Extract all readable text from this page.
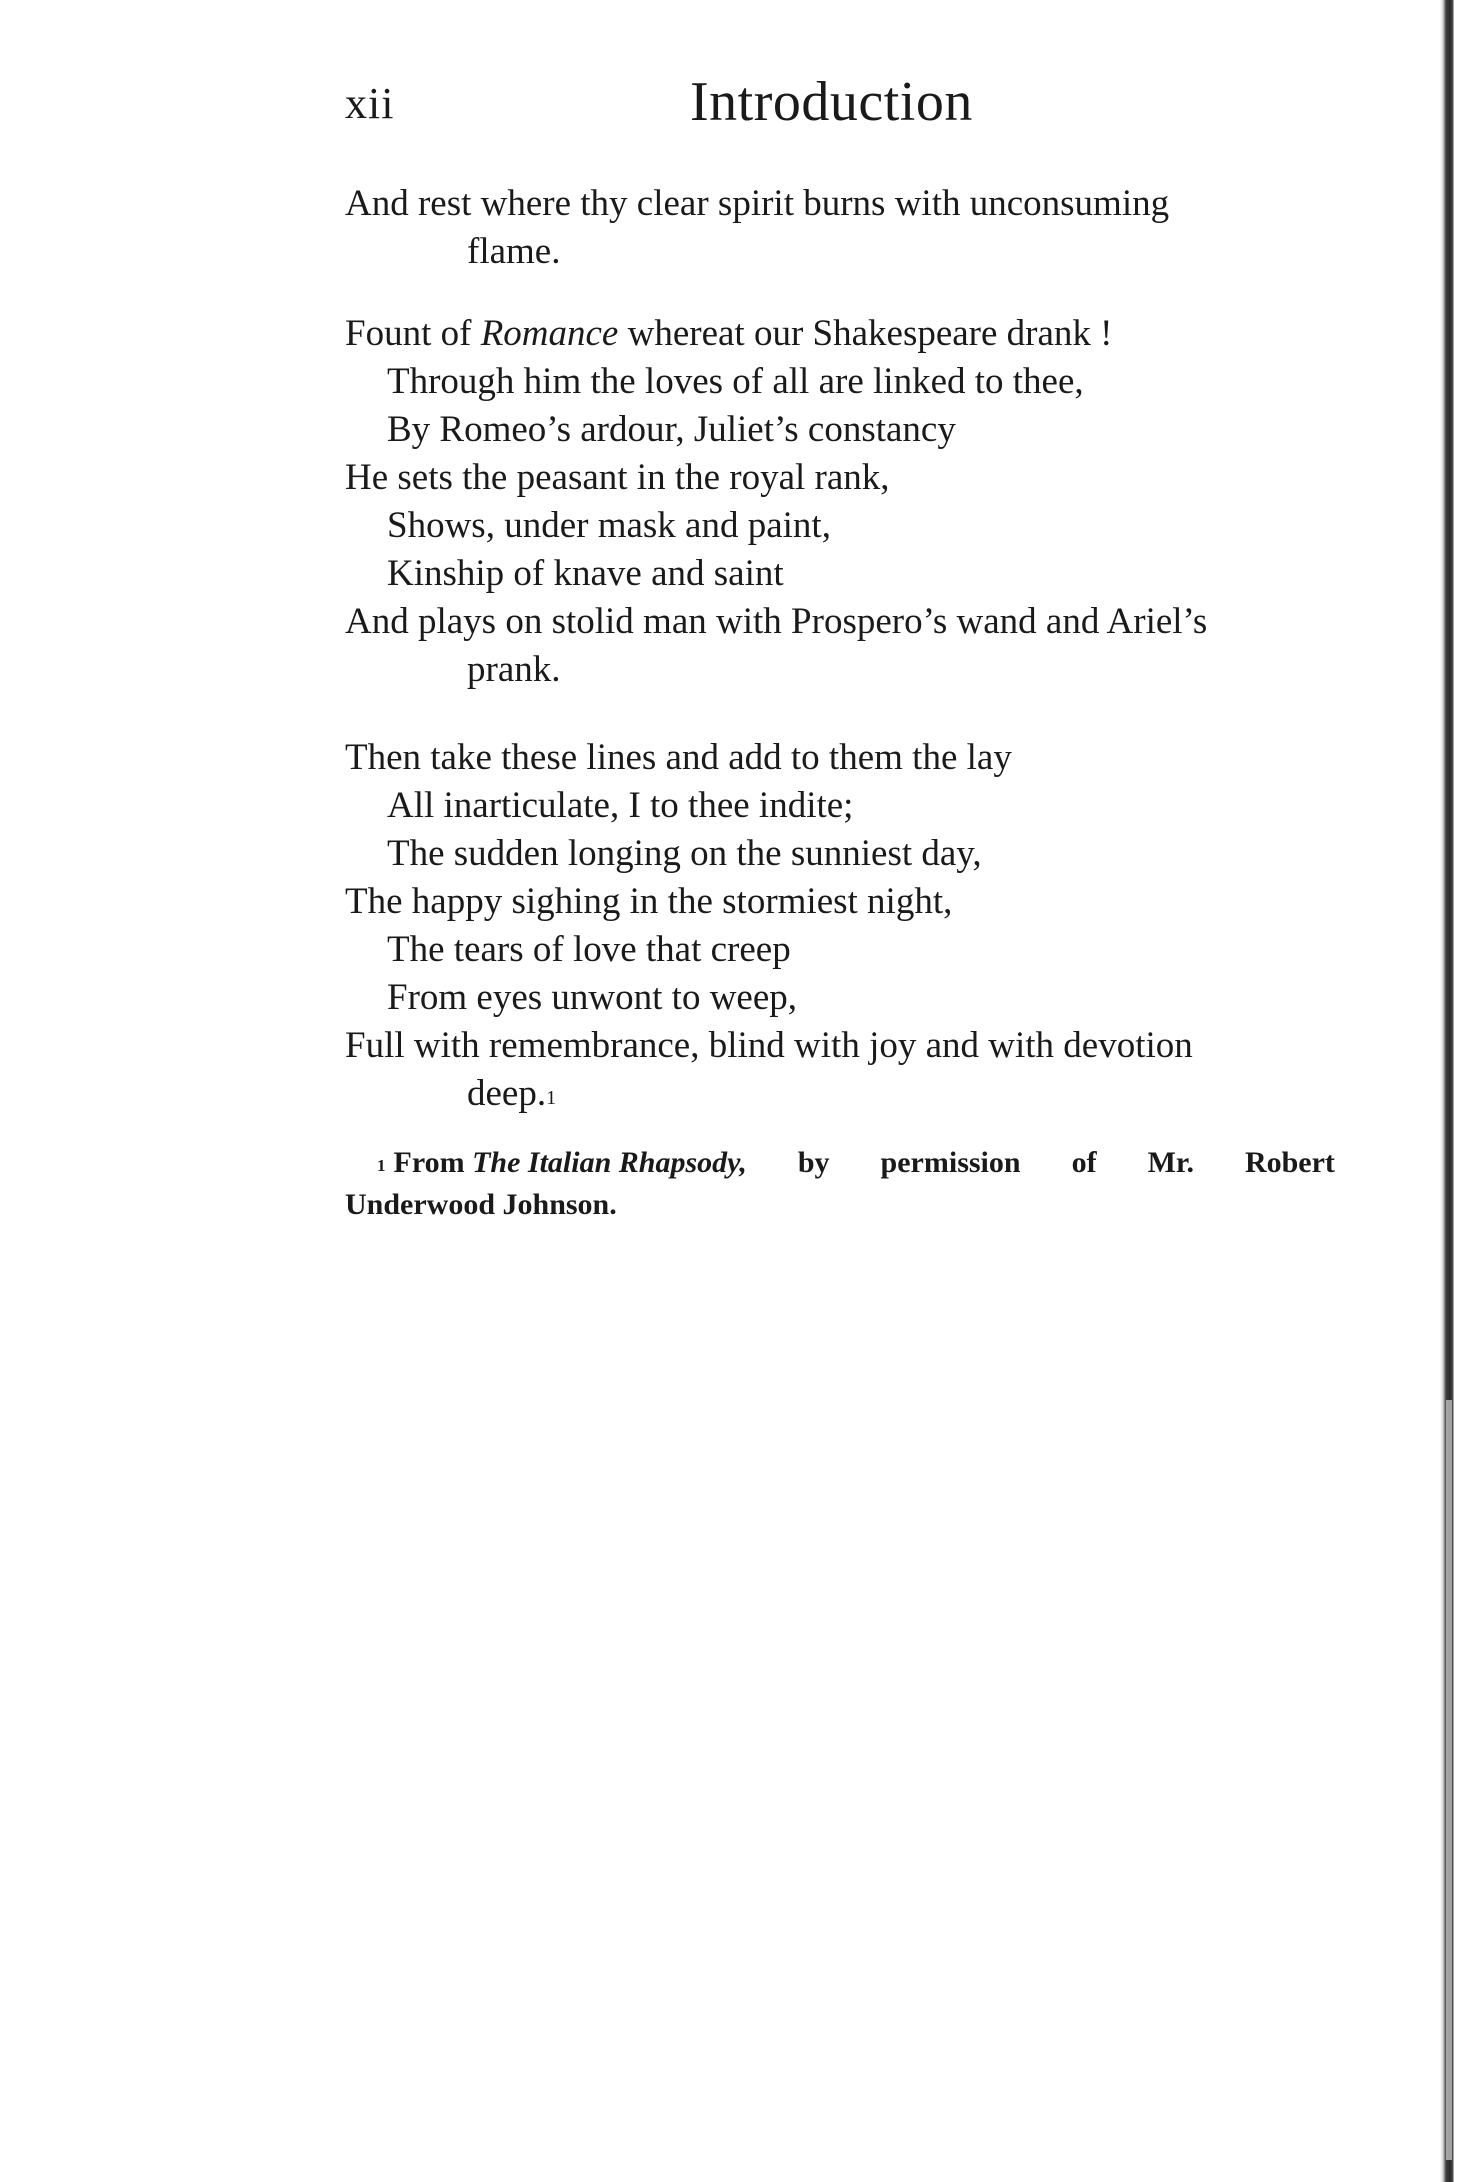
xii	Introduction
And rest where thy clear spirit burns with unconsuming
flame.
Fount of Romance whereat our Shakespeare drank !
Through him the loves of all are linked to thee,
By Romeo’s ardour, Juliet’s constancy
He sets the peasant in the royal rank,
Shows, under mask and paint,
Kinship of knave and saint
And plays on stolid man with Prospero’s wand and Ariel’s
prank.
Then take these lines and add to them the lay
All inarticulate, I to thee indite;
The sudden longing on the sunniest day,
The happy sighing in the stormiest night,
The tears of love that creep
From eyes unwont to weep,
Full with remembrance, blind with joy and with devotion
deep.$^1$
$^1$ From The Italian Rhapsody, by permission of Mr. Robert
Underwood Johnson.
